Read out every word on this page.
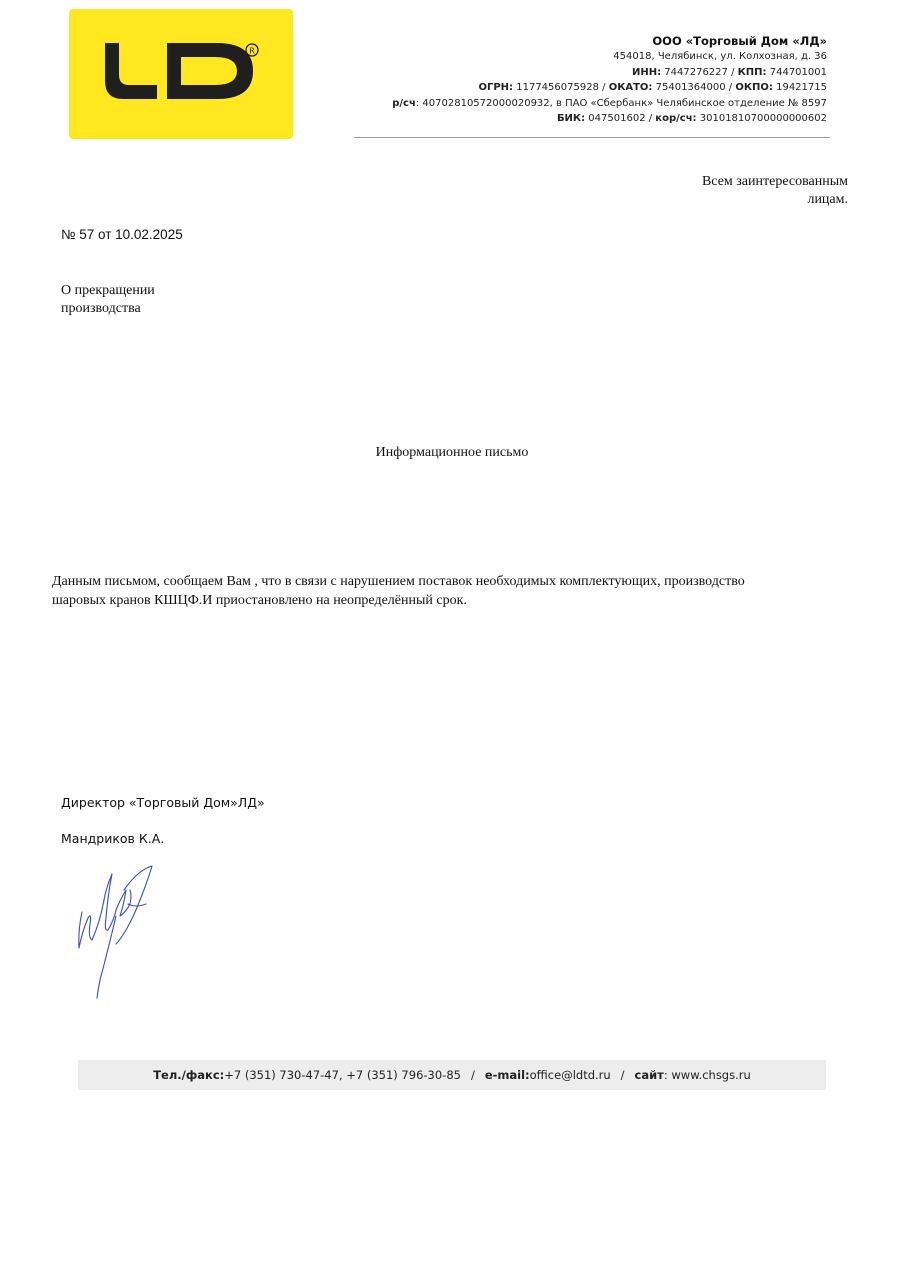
R
ООО «Торговый Дом «ЛД»
454018, Челябинск, ул. Колхозная, д. 36
ИНН: 7447276227 / КПП: 744701001
ОГРН: 1177456075928 / ОКАТО: 75401364000 / ОКПО: 19421715
р/сч: 40702810572000020932, в ПАО «Сбербанк» Челябинское отделение № 8597
БИК: 047501602 / кор/сч: 30101810700000000602
Всем заинтересованным
лицам.
№ 57 от 10.02.2025
О прекращении
производства
Информационное письмо
Данным письмом, сообщаем Вам , что в связи с нарушением поставок необходимых комплектующих, производство
шаровых кранов КШЦФ.И приостановлено на неопределённый срок.
Директор «Торговый Дом»ЛД»
Мандриков К.А.
Тел./факс: +7 (351) 730-47-47, +7 (351) 796-30-85 / e-mail: office@ldtd.ru / сайт : www.chsgs.ru
